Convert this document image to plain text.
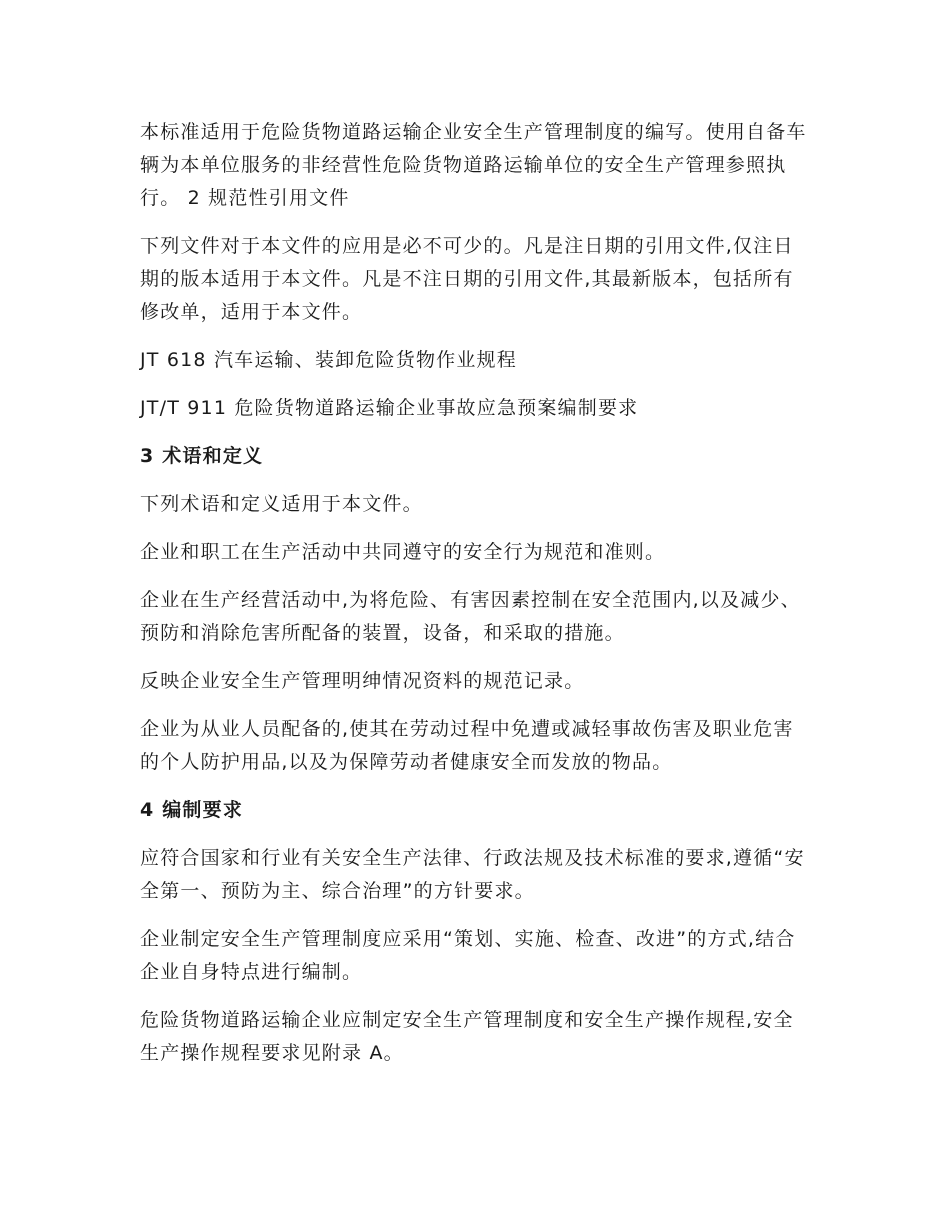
本标准适用于危险货物道路运输企业安全生产管理制度的编写。使用自备车辆为本单位服务的非经营性危险货物道路运输单位的安全生产管理参照执行。 2 规范性引用文件

下列文件对于本文件的应用是必不可少的。凡是注日期的引用文件,仅注日期的版本适用于本文件。凡是不注日期的引用文件,其最新版本，包括所有修改单，适用于本文件。

JT 618 汽车运输、装卸危险货物作业规程

JT/T 911 危险货物道路运输企业事故应急预案编制要求

3 术语和定义

下列术语和定义适用于本文件。

企业和职工在生产活动中共同遵守的安全行为规范和准则。

企业在生产经营活动中,为将危险、有害因素控制在安全范围内,以及减少、预防和消除危害所配备的装置，设备，和采取的措施。

反映企业安全生产管理明绅情况资料的规范记录。

企业为从业人员配备的,使其在劳动过程中免遭或减轻事故伤害及职业危害的个人防护用品,以及为保障劳动者健康安全而发放的物品。

4 编制要求

应符合国家和行业有关安全生产法律、行政法规及技术标准的要求,遵循“安全第一、预防为主、综合治理”的方针要求。

企业制定安全生产管理制度应采用“策划、实施、检查、改进”的方式,结合企业自身特点进行编制。

危险货物道路运输企业应制定安全生产管理制度和安全生产操作规程,安全生产操作规程要求见附录 A。
